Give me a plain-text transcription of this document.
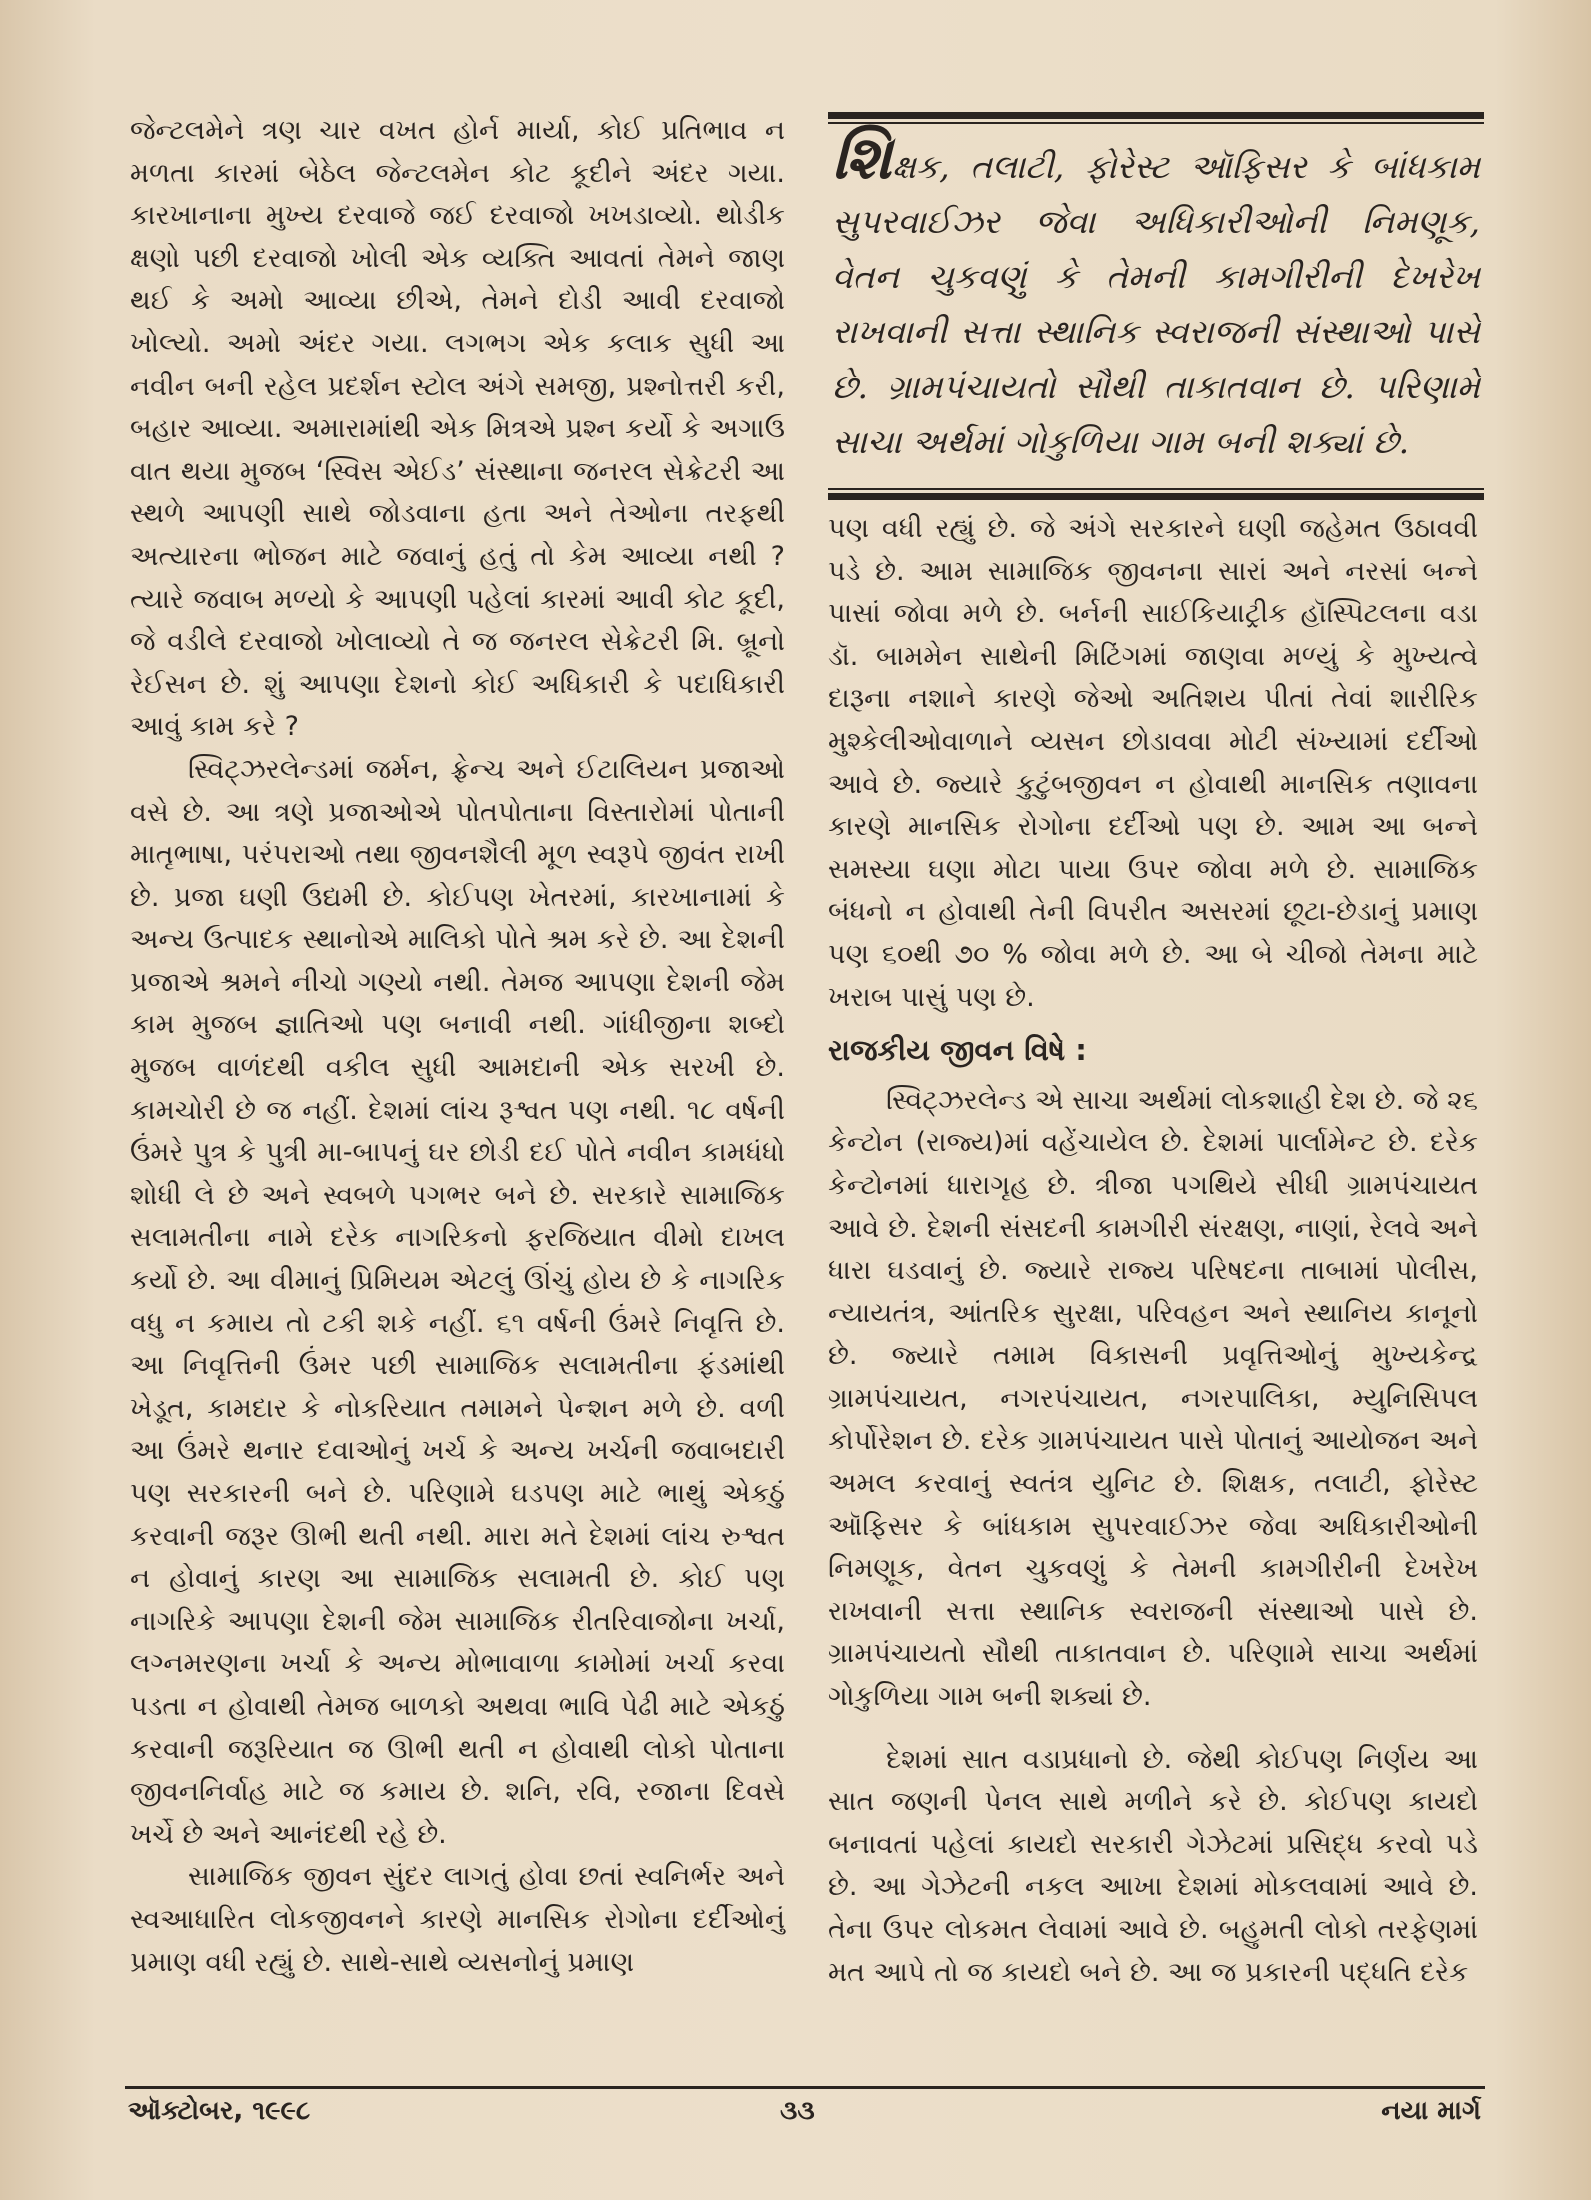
જેન્ટલમેને ત્રણ ચાર વખત હોર્ન માર્યા, કોઈ પ્રતિભાવ ન મળતા કારમાં બેઠેલ જેન્ટલમેન કોટ કૂદીને અંદર ગયા. કારખાનાના મુખ્ય દરવાજે જઈ દરવાજો ખખડાવ્યો. થોડીક ક્ષણો પછી દરવાજો ખોલી એક વ્યક્તિ આવતાં તેમને જાણ થઈ કે અમો આવ્યા છીએ, તેમને દોડી આવી દરવાજો ખોલ્યો. અમો અંદર ગયા. લગભગ એક કલાક સુધી આ નવીન બની રહેલ પ્રદર્શન સ્ટોલ અંગે સમજી, પ્રશ્નોત્તરી કરી, બહાર આવ્યા. અમારામાંથી એક મિત્રએ પ્રશ્ન કર્યો કે અગાઉ વાત થયા મુજબ ‘સ્વિસ એઈડ’ સંસ્થાના જનરલ સેક્રેટરી આ સ્થળે આપણી સાથે જોડવાના હતા અને તેઓના તરફથી અત્યારના ભોજન માટે જવાનું હતું તો કેમ આવ્યા નથી ? ત્યારે જવાબ મળ્યો કે આપણી પહેલાં કારમાં આવી કોટ કૂદી, જે વડીલે દરવાજો ખોલાવ્યો તે જ જનરલ સેક્રેટરી મિ. બ્રૂનો રેઈસન છે. શું આપણા દેશનો કોઈ અધિકારી કે પદાધિકારી આવું કામ કરે ?

સ્વિટ્ઝરલેન્ડમાં જર્મન, ફ્રેન્ચ અને ઈટાલિયન પ્રજાઓ વસે છે. આ ત્રણે પ્રજાઓએ પોતપોતાના વિસ્તારોમાં પોતાની માતૃભાષા, પરંપરાઓ તથા જીવનશૈલી મૂળ સ્વરૂપે જીવંત રાખી છે. પ્રજા ઘણી ઉદ્યમી છે. કોઈપણ ખેતરમાં, કારખાનામાં કે અન્ય ઉત્પાદક સ્થાનોએ માલિકો પોતે શ્રમ કરે છે. આ દેશની પ્રજાએ શ્રમને નીચો ગણ્યો નથી. તેમજ આપણા દેશની જેમ કામ મુજબ જ્ઞાતિઓ પણ બનાવી નથી. ગાંધીજીના શબ્દો મુજબ વાળંદથી વકીલ સુધી આમદાની એક સરખી છે. કામચોરી છે જ નહીં. દેશમાં લાંચ રૂશ્વત પણ નથી. ૧૮ વર્ષની ઉંમરે પુત્ર કે પુત્રી મા-બાપનું ઘર છોડી દઈ પોતે નવીન કામધંધો શોધી લે છે અને સ્વબળે પગભર બને છે. સરકારે સામાજિક સલામતીના નામે દરેક નાગરિકનો ફરજિયાત વીમો દાખલ કર્યો છે. આ વીમાનું પ્રિમિયમ એટલું ઊંચું હોય છે કે નાગરિક વધુ ન કમાય તો ટકી શકે નહીં. ૬૧ વર્ષની ઉંમરે નિવૃત્તિ છે. આ નિવૃત્તિની ઉંમર પછી સામાજિક સલામતીના ફંડમાંથી ખેડૂત, કામદાર કે નોકરિયાત તમામને પેન્શન મળે છે. વળી આ ઉંમરે થનાર દવાઓનું ખર્ચ કે અન્ય ખર્ચની જવાબદારી પણ સરકારની બને છે. પરિણામે ઘડપણ માટે ભાથું એકઠું કરવાની જરૂર ઊભી થતી નથી. મારા મતે દેશમાં લાંચ રુશ્વત ન હોવાનું કારણ આ સામાજિક સલામતી છે. કોઈ પણ નાગરિકે આપણા દેશની જેમ સામાજિક રીતરિવાજોના ખર્ચા, લગ્નમરણના ખર્ચા કે અન્ય મોભાવાળા કામોમાં ખર્ચા કરવા પડતા ન હોવાથી તેમજ બાળકો અથવા ભાવિ પેઢી માટે એકઠું કરવાની જરૂરિયાત જ ઊભી થતી ન હોવાથી લોકો પોતાના જીવનનિર્વાહ માટે જ કમાય છે. શનિ, રવિ, રજાના દિવસે ખર્ચે છે અને આનંદથી રહે છે.

સામાજિક જીવન સુંદર લાગતું હોવા છતાં સ્વનિર્ભર અને સ્વઆધારિત લોકજીવનને કારણે માનસિક રોગોના દર્દીઓનું પ્રમાણ વધી રહ્યું છે. સાથે-સાથે વ્યસનોનું પ્રમાણ

શિક્ષક, તલાટી, ફોરેસ્ટ ઑફિસર કે બાંધકામ સુપરવાઈઝર જેવા અધિકારીઓની નિમણૂક, વેતન ચુકવણું કે તેમની કામગીરીની દેખરેખ રાખવાની સત્તા સ્થાનિક સ્વરાજની સંસ્થાઓ પાસે છે. ગ્રામપંચાયતો સૌથી તાકાતવાન છે. પરિણામે સાચા અર્થમાં ગોકુળિયા ગામ બની શક્યાં છે.

પણ વધી રહ્યું છે. જે અંગે સરકારને ઘણી જહેમત ઉઠાવવી પડે છે. આમ સામાજિક જીવનના સારાં અને નરસાં બન્ને પાસાં જોવા મળે છે. બર્નની સાઈકિયાટ્રીક હૉસ્પિટલના વડા ડૉ. બામમેન સાથેની મિટિંગમાં જાણવા મળ્યું કે મુખ્યત્વે દારૂના નશાને કારણે જેઓ અતિશય પીતાં તેવાં શારીરિક મુશ્કેલીઓવાળાને વ્યસન છોડાવવા મોટી સંખ્યામાં દર્દીઓ આવે છે. જ્યારે કુટુંબજીવન ન હોવાથી માનસિક તણાવના કારણે માનસિક રોગોના દર્દીઓ પણ છે. આમ આ બન્ને સમસ્યા ઘણા મોટા પાયા ઉપર જોવા મળે છે. સામાજિક બંધનો ન હોવાથી તેની વિપરીત અસરમાં છૂટા-છેડાનું પ્રમાણ પણ ૬૦થી ૭૦ % જોવા મળે છે. આ બે ચીજો તેમના માટે ખરાબ પાસું પણ છે.

રાજકીય જીવન વિષે :

સ્વિટ્ઝરલેન્ડ એ સાચા અર્થમાં લોકશાહી દેશ છે. જે ૨૬ કેન્ટોન (રાજ્ય)માં વહેંચાયેલ છે. દેશમાં પાર્લામેન્ટ છે. દરેક કેન્ટોનમાં ધારાગૃહ છે. ત્રીજા પગથિયે સીધી ગ્રામપંચાયત આવે છે. દેશની સંસદની કામગીરી સંરક્ષણ, નાણાં, રેલવે અને ધારા ઘડવાનું છે. જ્યારે રાજ્ય પરિષદના તાબામાં પોલીસ, ન્યાયતંત્ર, આંતરિક સુરક્ષા, પરિવહન અને સ્થાનિય કાનૂનો છે. જ્યારે તમામ વિકાસની પ્રવૃત્તિઓનું મુખ્યકેન્દ્ર ગ્રામપંચાયત, નગરપંચાયત, નગરપાલિકા, મ્યુનિસિપલ કોર્પોરેશન છે. દરેક ગ્રામપંચાયત પાસે પોતાનું આયોજન અને અમલ કરવાનું સ્વતંત્ર યુનિટ છે. શિક્ષક, તલાટી, ફોરેસ્ટ ઑફિસર કે બાંધકામ સુપરવાઈઝર જેવા અધિકારીઓની નિમણૂક, વેતન ચુકવણું કે તેમની કામગીરીની દેખરેખ રાખવાની સત્તા સ્થાનિક સ્વરાજની સંસ્થાઓ પાસે છે. ગ્રામપંચાયતો સૌથી તાકાતવાન છે. પરિણામે સાચા અર્થમાં ગોકુળિયા ગામ બની શક્યાં છે.

દેશમાં સાત વડાપ્રધાનો છે. જેથી કોઈપણ નિર્ણય આ સાત જણની પેનલ સાથે મળીને કરે છે. કોઈપણ કાયદો બનાવતાં પહેલાં કાયદો સરકારી ગેઝેટમાં પ્રસિદ્ધ કરવો પડે છે. આ ગેઝેટની નકલ આખા દેશમાં મોકલવામાં આવે છે. તેના ઉપર લોકમત લેવામાં આવે છે. બહુમતી લોકો તરફેણમાં મત આપે તો જ કાયદો બને છે. આ જ પ્રકારની પદ્ધતિ દરેક

ઑક્ટોબર, ૧૯૯૮	૩૩	નયા માર્ગ
